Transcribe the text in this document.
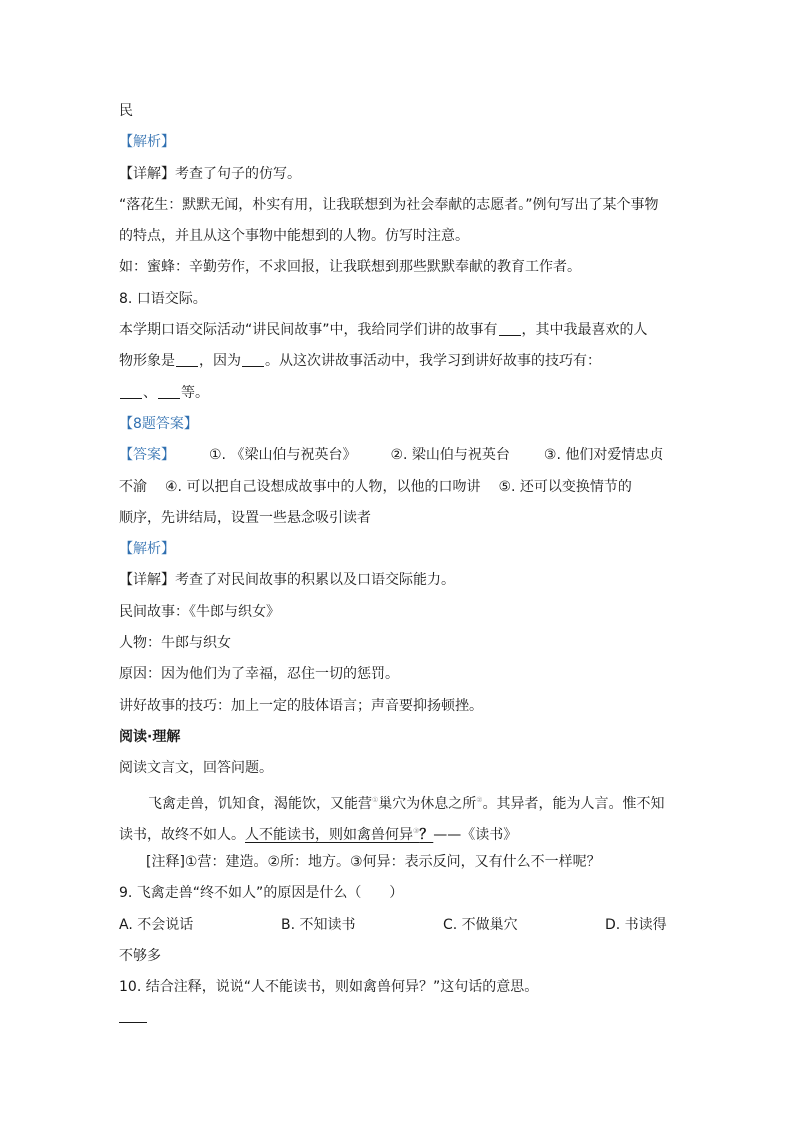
民
【解析】
【详解】考查了句子的仿写。
“落花生：默默无闻，朴实有用，让我联想到为社会奉献的志愿者。”例句写出了某个事物
的特点，并且从这个事物中能想到的人物。仿写时注意。
如：蜜蜂：辛勤劳作，不求回报，让我联想到那些默默奉献的教育工作者。
8. 口语交际。
本学期口语交际活动“讲民间故事”中，我给同学们讲的故事有 ，其中我最喜欢的人
物形象是 ，因为 。从这次讲故事活动中，我学习到讲好故事的技巧有：
、 等。
【8题答案】
【答案】 ①. 《梁山伯与祝英台》 ②. 梁山伯与祝英台 ③. 他们对爱情忠贞
不渝 ④. 可以把自己设想成故事中的人物，以他的口吻讲 ⑤. 还可以变换情节的
顺序，先讲结局，设置一些悬念吸引读者
【解析】
【详解】考查了对民间故事的积累以及口语交际能力。
民间故事：《牛郎与织女》
人物：牛郎与织女
原因：因为他们为了幸福，忍住一切的惩罚。
讲好故事的技巧：加上一定的肢体语言；声音要抑扬顿挫。
阅读·理解
阅读文言文，回答问题。
飞禽走兽，饥知食，渴能饮，又能营①巢穴为休息之所②。其异者，能为人言。惟不知
读书，故终不如人。人不能读书，则如禽兽何异③？——《读书》
[注释]①营：建造。②所：地方。③何异：表示反问，又有什么不一样呢？
9. 飞禽走兽“终不如人”的原因是什么（　　）
A. 不会说话	B. 不知读书	C. 不做巢穴	D. 书读得
不够多
10. 结合注释，说说“人不能读书，则如禽兽何异？”这句话的意思。
